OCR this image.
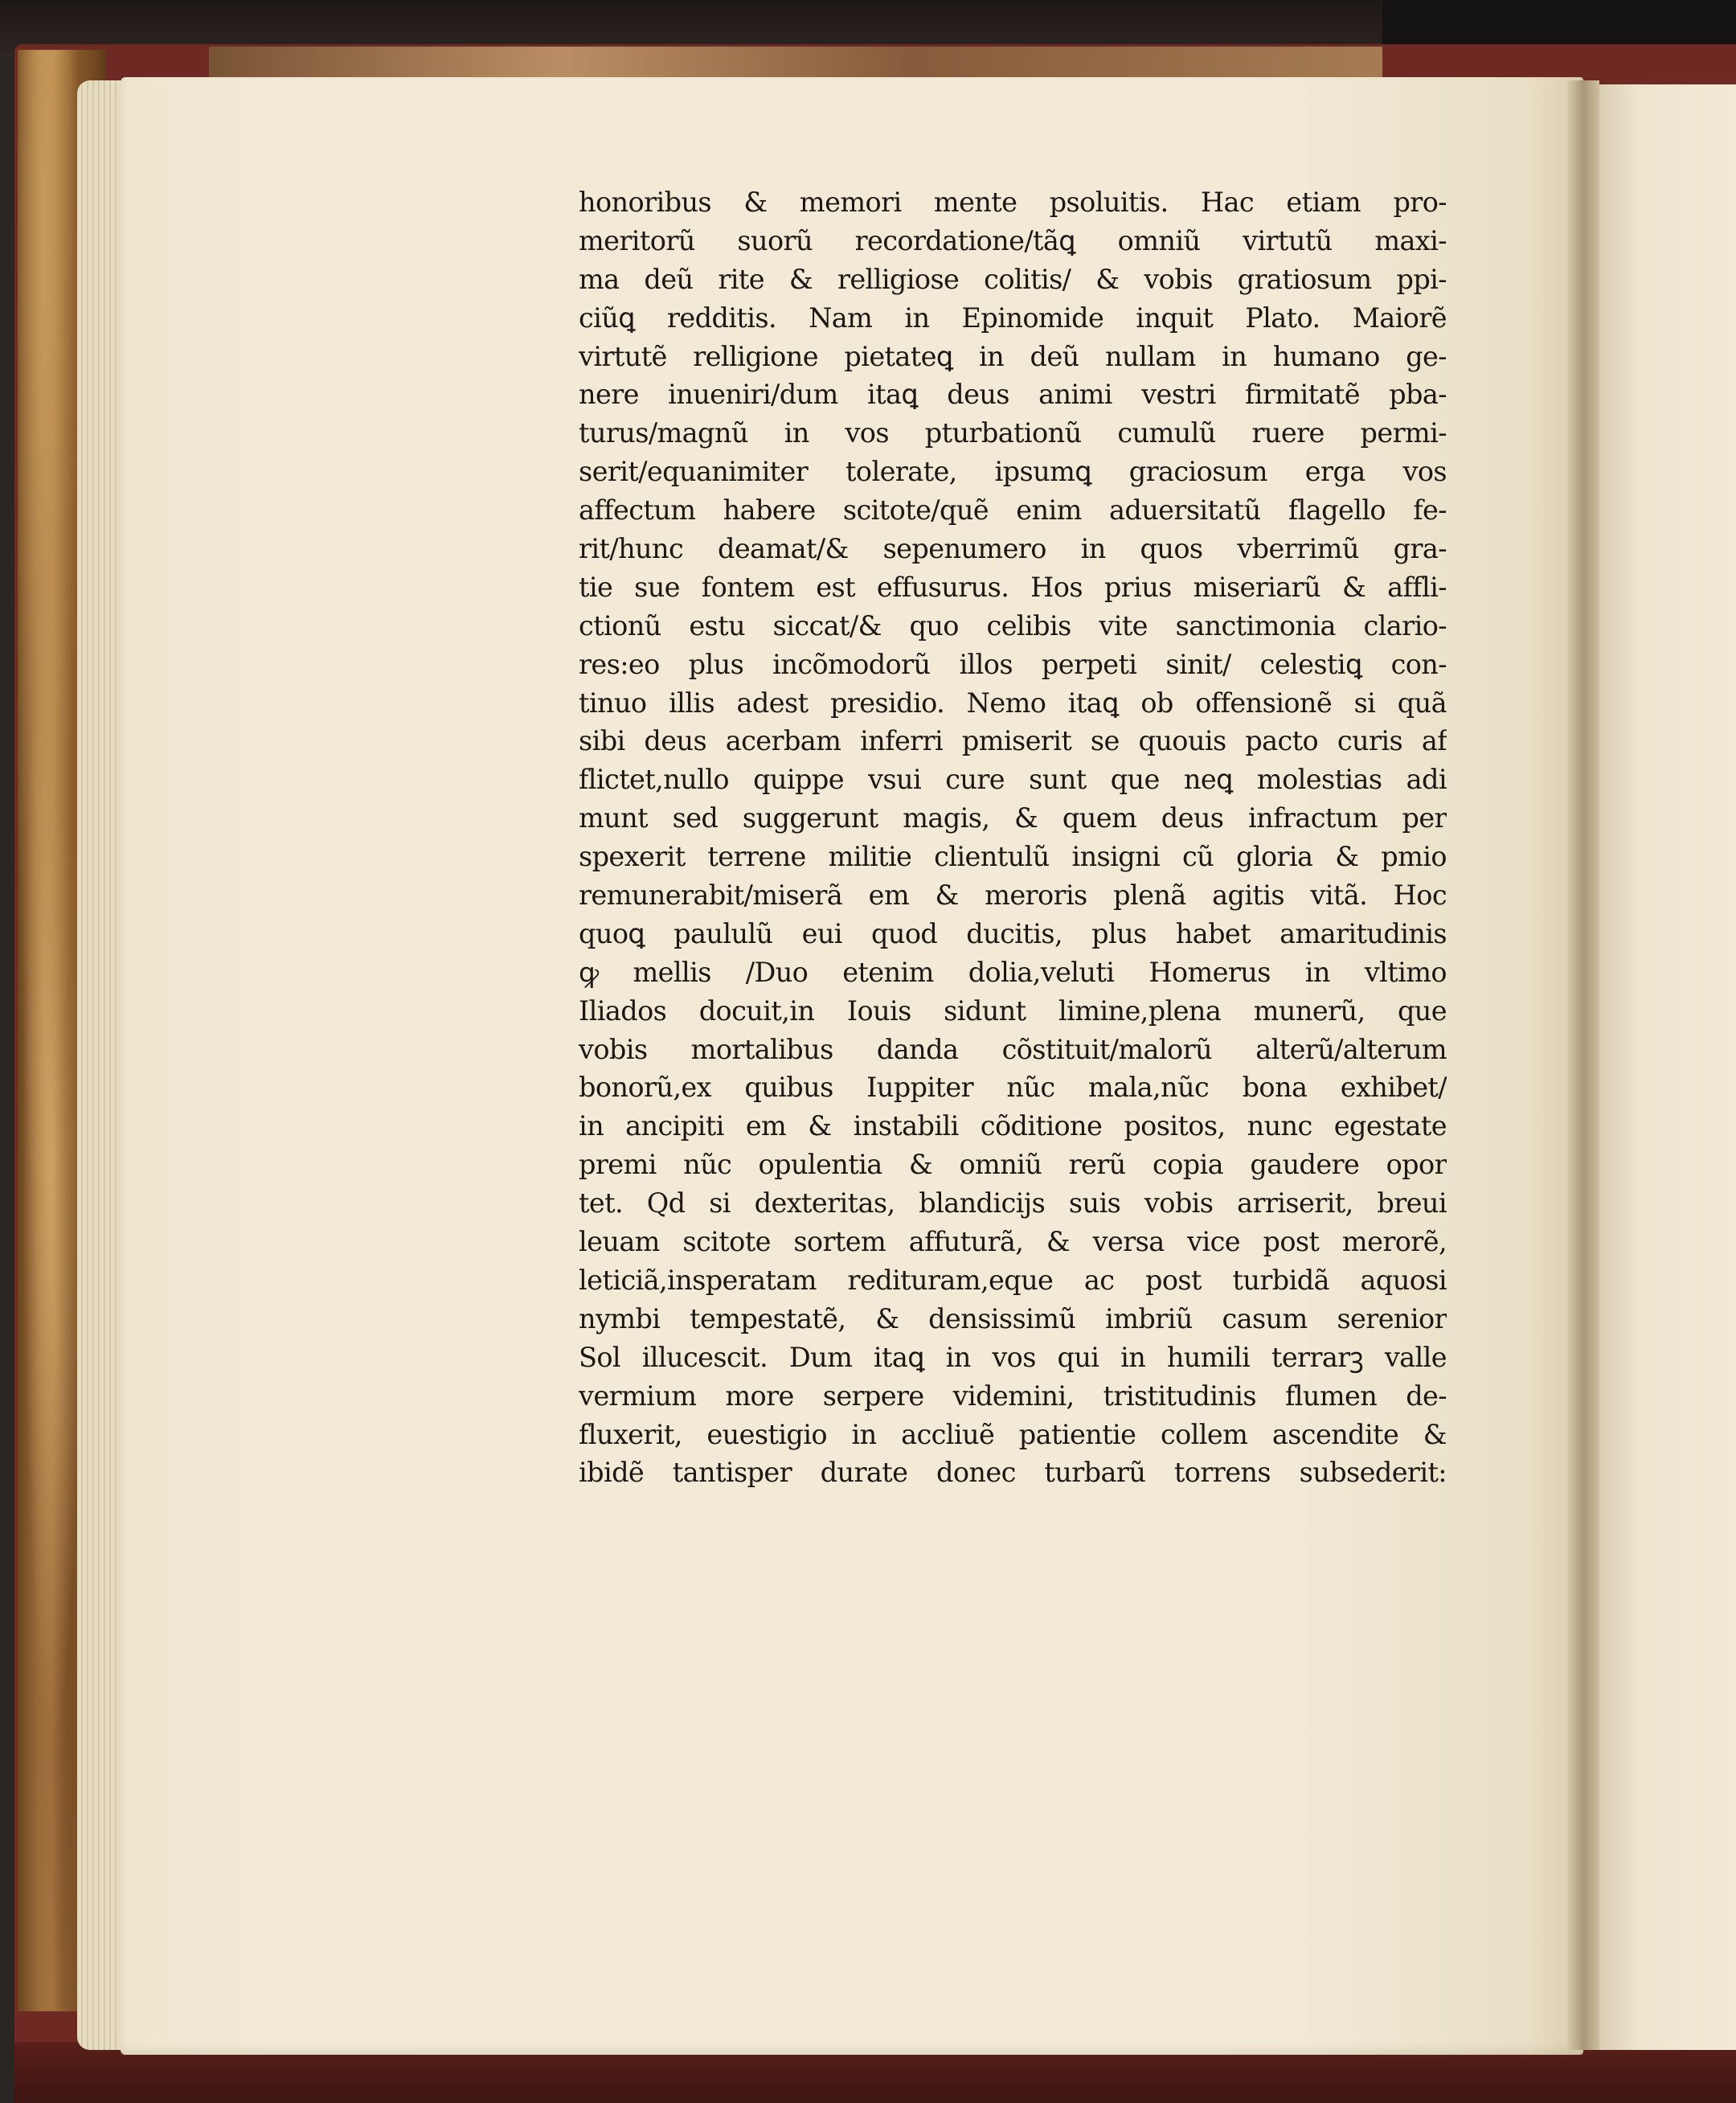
honoribus & memori mente psoluitis. Hac etiam pro‑
meritorũ suorũ recordatione/tãꝗ omniũ virtutũ maxi‑
ma deũ rite & relligiose colitis/ & vobis gratiosum ppi‑
ciũꝗ redditis. Nam in Epinomide inquit Plato. Maiorẽ
virtutẽ relligione pietateꝗ in deũ nullam in humano ge‑
nere inueniri/dum itaꝗ deus animi vestri firmitatẽ pba‑
turus/magnũ in vos pturbationũ cumulũ ruere permi‑
serit/equanimiter tolerate, ipsumꝗ graciosum erga vos
affectum habere scitote/quẽ enim aduersitatũ flagello fe‑
rit/hunc deamat/& sepenumero in quos vberrimũ gra‑
tie sue fontem est effusurus. Hos prius miseriarũ & affli‑
ctionũ estu siccat/& quo celibis vite sanctimonia clario‑
res:eo plus incõmodorũ illos perpeti sinit/ celestiꝗ con‑
tinuo illis adest presidio. Nemo itaꝗ ob offensionẽ si quã
sibi deus acerbam inferri pmiserit se quouis pacto curis af
flictet,nullo quippe vsui cure sunt que neꝗ molestias adi
munt sed suggerunt magis, & quem deus infractum per
spexerit terrene militie clientulũ insigni cũ gloria & pmio
remunerabit/miserã em & meroris plenã agitis vitã. Hoc
quoꝗ paululũ eui quod ducitis, plus habet amaritudinis
ꝙ mellis /Duo etenim dolia,veluti Homerus in vltimo
Iliados docuit,in Iouis sidunt limine,plena munerũ, que
vobis mortalibus danda cõstituit/malorũ alterũ/alterum
bonorũ,ex quibus Iuppiter nũc mala,nũc bona exhibet/
in ancipiti em & instabili cõditione positos, nunc egestate
premi nũc opulentia & omniũ rerũ copia gaudere opor
tet. Qd si dexteritas, blandicijs suis vobis arriserit, breui
leuam scitote sortem affuturã, & versa vice post merorẽ,
leticiã,insperatam redituram,eque ac post turbidã aquosi
nymbi tempestatẽ, & densissimũ imbriũ casum serenior
Sol illucescit. Dum itaꝗ in vos qui in humili terrarꝫ valle
vermium more serpere videmini, tristitudinis flumen de‑
fluxerit, euestigio in accliuẽ patientie collem ascendite &
ibidẽ tantisper durate donec turbarũ torrens subsederit:
